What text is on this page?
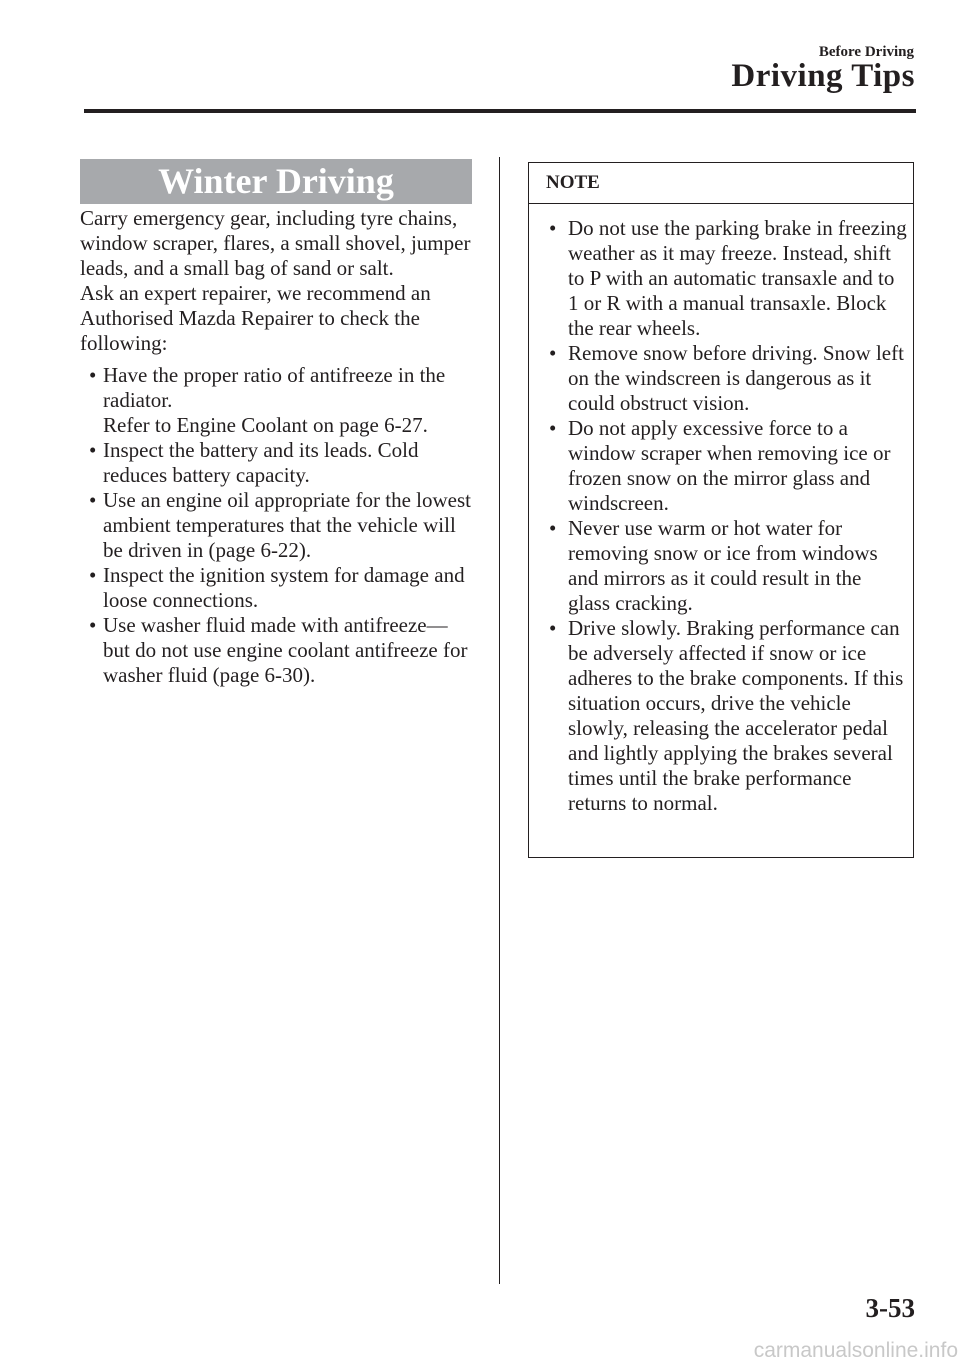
Before Driving
Driving Tips
Winter Driving

Carry emergency gear, including tyre chains, window scraper, flares, a small shovel, jumper leads, and a small bag of sand or salt.

Ask an expert repairer, we recommend an Authorised Mazda Repairer to check the following:

• Have the proper ratio of antifreeze in the radiator.
Refer to Engine Coolant on page 6-27.
• Inspect the battery and its leads. Cold reduces battery capacity.
• Use an engine oil appropriate for the lowest ambient temperatures that the vehicle will be driven in (page 6-22).
• Inspect the ignition system for damage and loose connections.
• Use washer fluid made with antifreeze—but do not use engine coolant antifreeze for washer fluid (page 6-30).
NOTE
• Do not use the parking brake in freezing weather as it may freeze. Instead, shift to P with an automatic transaxle and to 1 or R with a manual transaxle. Block the rear wheels.
• Remove snow before driving. Snow left on the windscreen is dangerous as it could obstruct vision.
• Do not apply excessive force to a window scraper when removing ice or frozen snow on the mirror glass and windscreen.
• Never use warm or hot water for removing snow or ice from windows and mirrors as it could result in the glass cracking.
• Drive slowly. Braking performance can be adversely affected if snow or ice adheres to the brake components. If this situation occurs, drive the vehicle slowly, releasing the accelerator pedal and lightly applying the brakes several times until the brake performance returns to normal.
3-53
carmanualsonline.info
